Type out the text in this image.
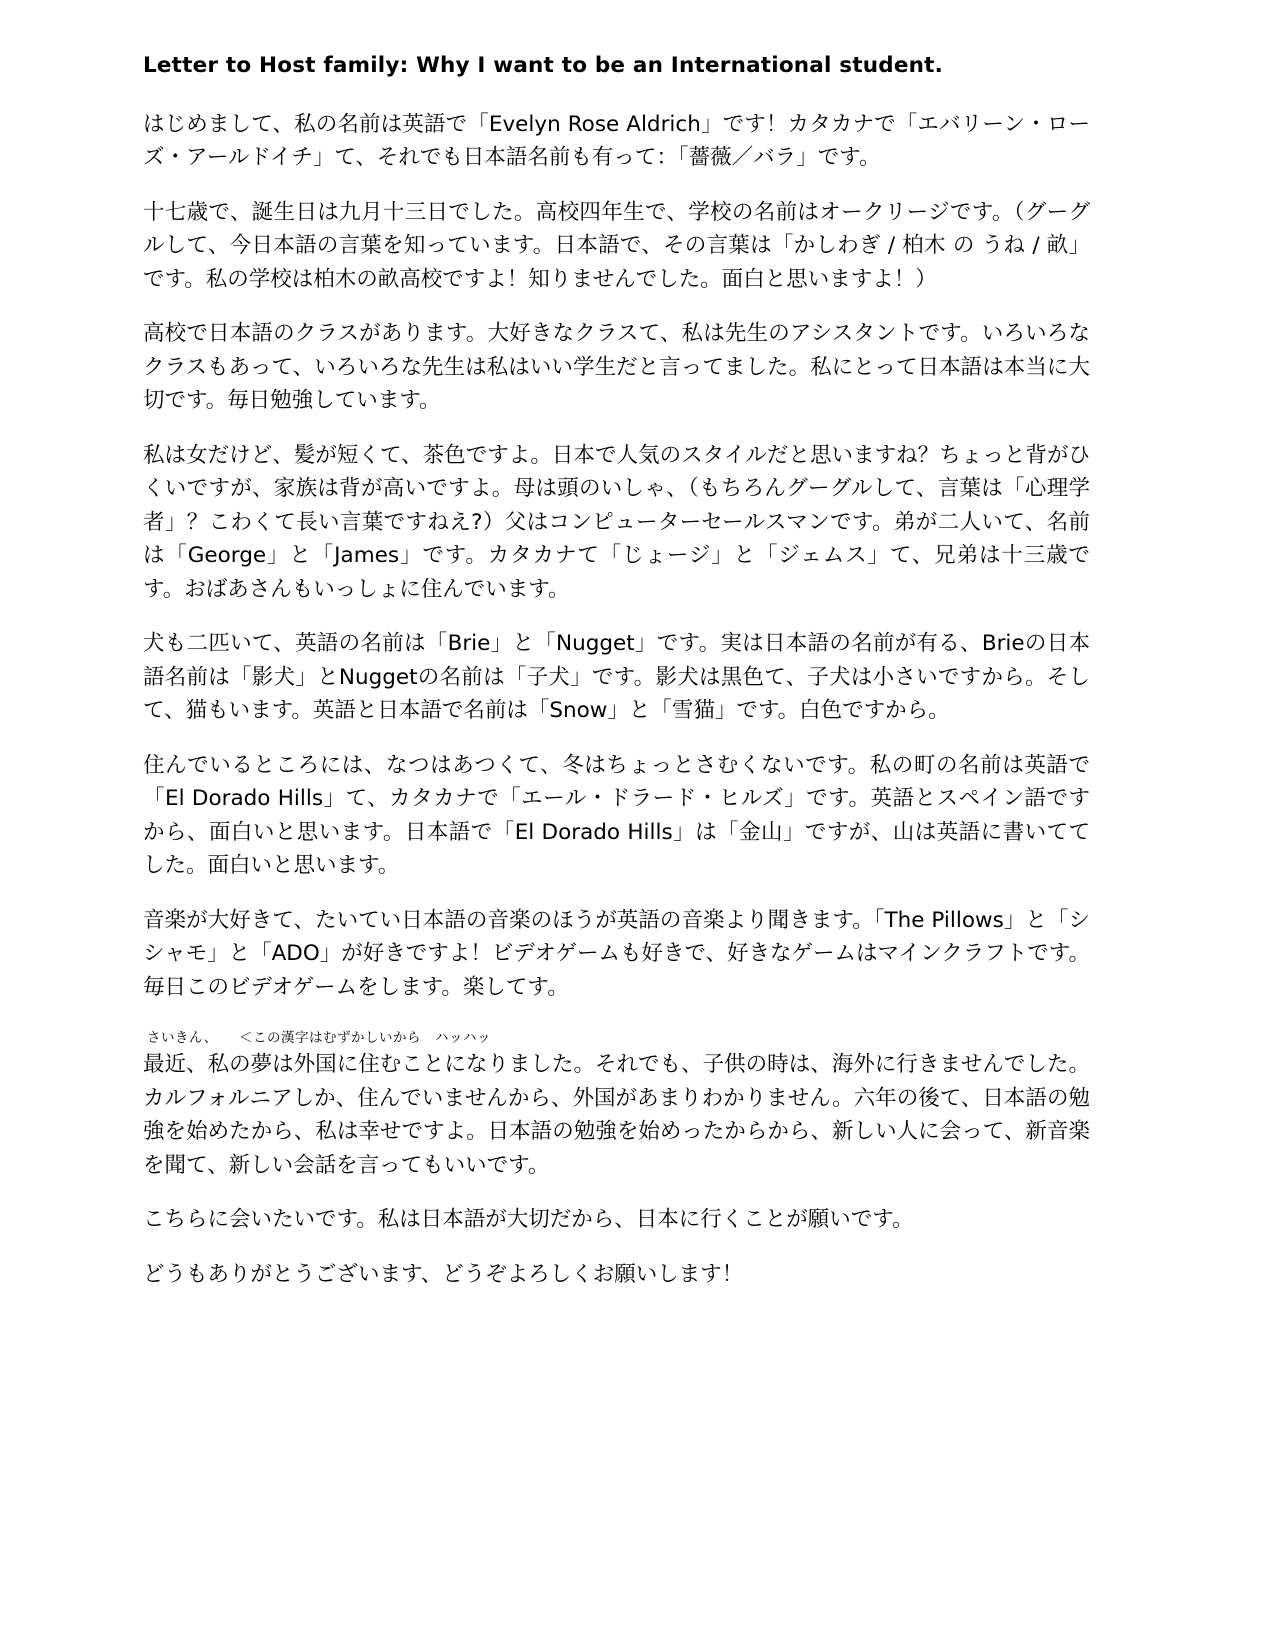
Letter to Host family: Why I want to be an International student.

はじめまして、私の名前は英語で「Evelyn Rose Aldrich」です！カタカナで「エバリーン・ローズ・アールドイチ」て、それでも日本語名前も有って：「薔薇／バラ」です。

十七歳で、誕生日は九月十三日でした。高校四年生で、学校の名前はオークリージです。（グーグルして、今日本語の言葉を知っています。日本語で、その言葉は「かしわぎ / 柏木 の うね / 畝」です。私の学校は柏木の畝高校ですよ！知りませんでした。面白と思いますよ！）

高校で日本語のクラスがあります。大好きなクラスて、私は先生のアシスタントです。いろいろなクラスもあって、いろいろな先生は私はいい学生だと言ってました。私にとって日本語は本当に大切です。毎日勉強しています。

私は女だけど、髪が短くて、茶色ですよ。日本で人気のスタイルだと思いますね？ちょっと背がひくいですが、家族は背が高いですよ。母は頭のいしゃ、（もちろんグーグルして、言葉は「心理学者」？こわくて長い言葉ですねえ?）父はコンピューターセールスマンです。弟が二人いて、名前は「George」と「James」です。カタカナて「じょージ」と「ジェムス」て、兄弟は十三歳です。おばあさんもいっしょに住んでいます。

犬も二匹いて、英語の名前は「Brie」と「Nugget」です。実は日本語の名前が有る、Brieの日本語名前は「影犬」とNuggetの名前は「子犬」です。影犬は黒色て、子犬は小さいですから。そして、猫もいます。英語と日本語で名前は「Snow」と「雪猫」です。白色ですから。

住んでいるところには、なつはあつくて、冬はちょっとさむくないです。私の町の名前は英語で「El Dorado Hills」て、カタカナで「エール・ドラード・ヒルズ」です。英語とスペイン語ですから、面白いと思います。日本語で「El Dorado Hills」は「金山」ですが、山は英語に書いててした。面白いと思います。

音楽が大好きて、たいてい日本語の音楽のほうが英語の音楽より聞きます。「The Pillows」と「シシャモ」と「ADO」が好きですよ！ビデオゲームも好きで、好きなゲームはマインクラフトです。毎日このビデオゲームをします。楽してす。

さいきん、　　＜この漢字はむずかしいから　ハッハッ

最近、私の夢は外国に住むことになりました。それでも、子供の時は、海外に行きませんでした。カルフォルニアしか、住んでいませんから、外国があまりわかりません。六年の後て、日本語の勉強を始めたから、私は幸せですよ。日本語の勉強を始めったからから、新しい人に会って、新音楽を聞て、新しい会話を言ってもいいです。

こちらに会いたいです。私は日本語が大切だから、日本に行くことが願いです。

どうもありがとうございます、どうぞよろしくお願いします！
